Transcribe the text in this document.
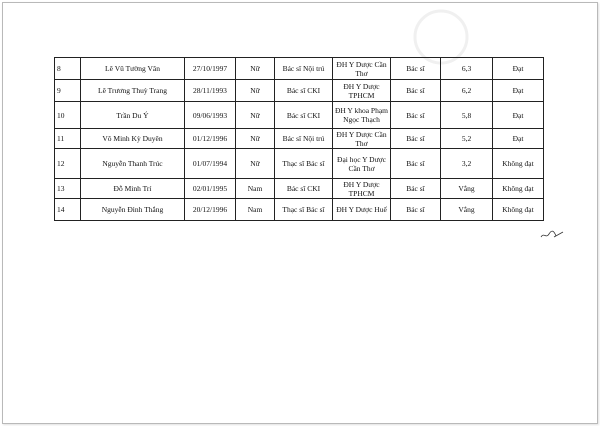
8	Lê Vũ Tường Vân	27/10/1997	Nữ	Bác sĩ Nội trú	ĐH Y Dược Cần Thơ	Bác sĩ	6,3	Đạt
9	Lê Trương Thuỳ Trang	28/11/1993	Nữ	Bác sĩ CKI	ĐH Y Dược TPHCM	Bác sĩ	6,2	Đạt
10	Trần Du Ý	09/06/1993	Nữ	Bác sĩ CKI	ĐH Y khoa Phạm Ngọc Thạch	Bác sĩ	5,8	Đạt
11	Võ Minh Kỳ Duyên	01/12/1996	Nữ	Bác sĩ Nội trú	ĐH Y Dược Cần Thơ	Bác sĩ	5,2	Đạt
12	Nguyễn Thanh Trúc	01/07/1994	Nữ	Thạc sĩ Bác sĩ	Đại học Y Dược Cần Thơ	Bác sĩ	3,2	Không đạt
13	Đỗ Minh Trí	02/01/1995	Nam	Bác sĩ CKI	ĐH Y Dược TPHCM	Bác sĩ	Vắng	Không đạt
14	Nguyễn Đình Thắng	20/12/1996	Nam	Thạc sĩ Bác sĩ	ĐH Y Dược Huế	Bác sĩ	Vắng	Không đạt
